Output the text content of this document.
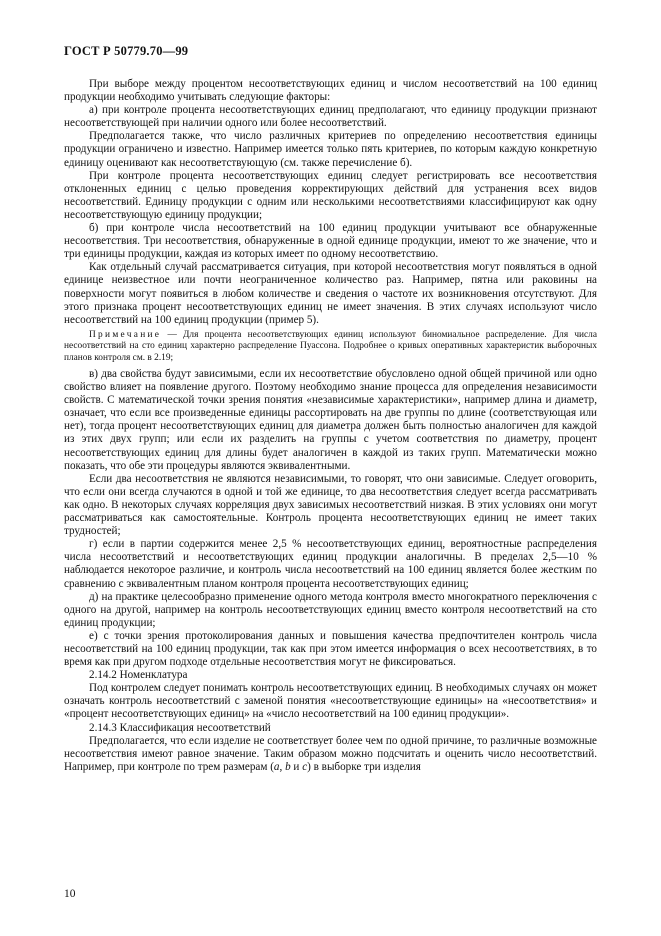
ГОСТ Р 50779.70—99

При выборе между процентом несоответствующих единиц и числом несоответствий на 100 единиц продукции необходимо учитывать следующие факторы:

а) при контроле процента несоответствующих единиц предполагают, что единицу продукции признают несоответствующей при наличии одного или более несоответствий.

Предполагается также, что число различных критериев по определению несоответствия единицы продукции ограничено и известно. Например имеется только пять критериев, по которым каждую конкретную единицу оценивают как несоответствующую (см. также перечисление б).

При контроле процента несоответствующих единиц следует регистрировать все несоответствия отклоненных единиц с целью проведения корректирующих действий для устранения всех видов несоответствий. Единицу продукции с одним или несколькими несоответствиями классифицируют как одну несоответствующую единицу продукции;

б) при контроле числа несоответствий на 100 единиц продукции учитывают все обнаруженные несоответствия. Три несоответствия, обнаруженные в одной единице продукции, имеют то же значение, что и три единицы продукции, каждая из которых имеет по одному несоответствию.

Как отдельный случай рассматривается ситуация, при которой несоответствия могут появляться в одной единице неизвестное или почти неограниченное количество раз. Например, пятна или раковины на поверхности могут появиться в любом количестве и сведения о частоте их возникновения отсутствуют. Для этого признака процент несоответствующих единиц не имеет значения. В этих случаях используют число несоответствий на 100 единиц продукции (пример 5).

Примечание — Для процента несоответствующих единиц используют биномиальное распределение. Для числа несоответствий на сто единиц характерно распределение Пуассона. Подробнее о кривых оперативных характеристик выборочных планов контроля см. в 2.19;

в) два свойства будут зависимыми, если их несоответствие обусловлено одной общей причиной или одно свойство влияет на появление другого. Поэтому необходимо знание процесса для определения независимости свойств. С математической точки зрения понятия «независимые характеристики», например длина и диаметр, означает, что если все произведенные единицы рассортировать на две группы по длине (соответствующая или нет), тогда процент несоответствующих единиц для диаметра должен быть полностью аналогичен для каждой из этих двух групп; или если их разделить на группы с учетом соответствия по диаметру, процент несоответствующих единиц для длины будет аналогичен в каждой из таких групп. Математически можно показать, что обе эти процедуры являются эквивалентными.

Если два несоответствия не являются независимыми, то говорят, что они зависимые. Следует оговорить, что если они всегда случаются в одной и той же единице, то два несоответствия следует всегда рассматривать как одно. В некоторых случаях корреляция двух зависимых несоответствий низкая. В этих условиях они могут рассматриваться как самостоятельные. Контроль процента несоответствующих единиц не имеет таких трудностей;

г) если в партии содержится менее 2,5 % несоответствующих единиц, вероятностные распределения числа несоответствий и несоответствующих единиц продукции аналогичны. В пределах 2,5—10 % наблюдается некоторое различие, и контроль числа несоответствий на 100 единиц является более жестким по сравнению с эквивалентным планом контроля процента несоответствующих единиц;

д) на практике целесообразно применение одного метода контроля вместо многократного переключения с одного на другой, например на контроль несоответствующих единиц вместо контроля несоответствий на сто единиц продукции;

е) с точки зрения протоколирования данных и повышения качества предпочтителен контроль числа несоответствий на 100 единиц продукции, так как при этом имеется информация о всех несоответствиях, в то время как при другом подходе отдельные несоответствия могут не фиксироваться.

2.14.2 Номенклатура

Под контролем следует понимать контроль несоответствующих единиц. В необходимых случаях он может означать контроль несоответствий с заменой понятия «несоответствующие единицы» на «несоответствия» и «процент несоответствующих единиц» на «число несоответствий на 100 единиц продукции».

2.14.3 Классификация несоответствий

Предполагается, что если изделие не соответствует более чем по одной причине, то различные возможные несоответствия имеют равное значение. Таким образом можно подсчитать и оценить число несоответствий. Например, при контроле по трем размерам (a, b и c) в выборке три изделия

10
